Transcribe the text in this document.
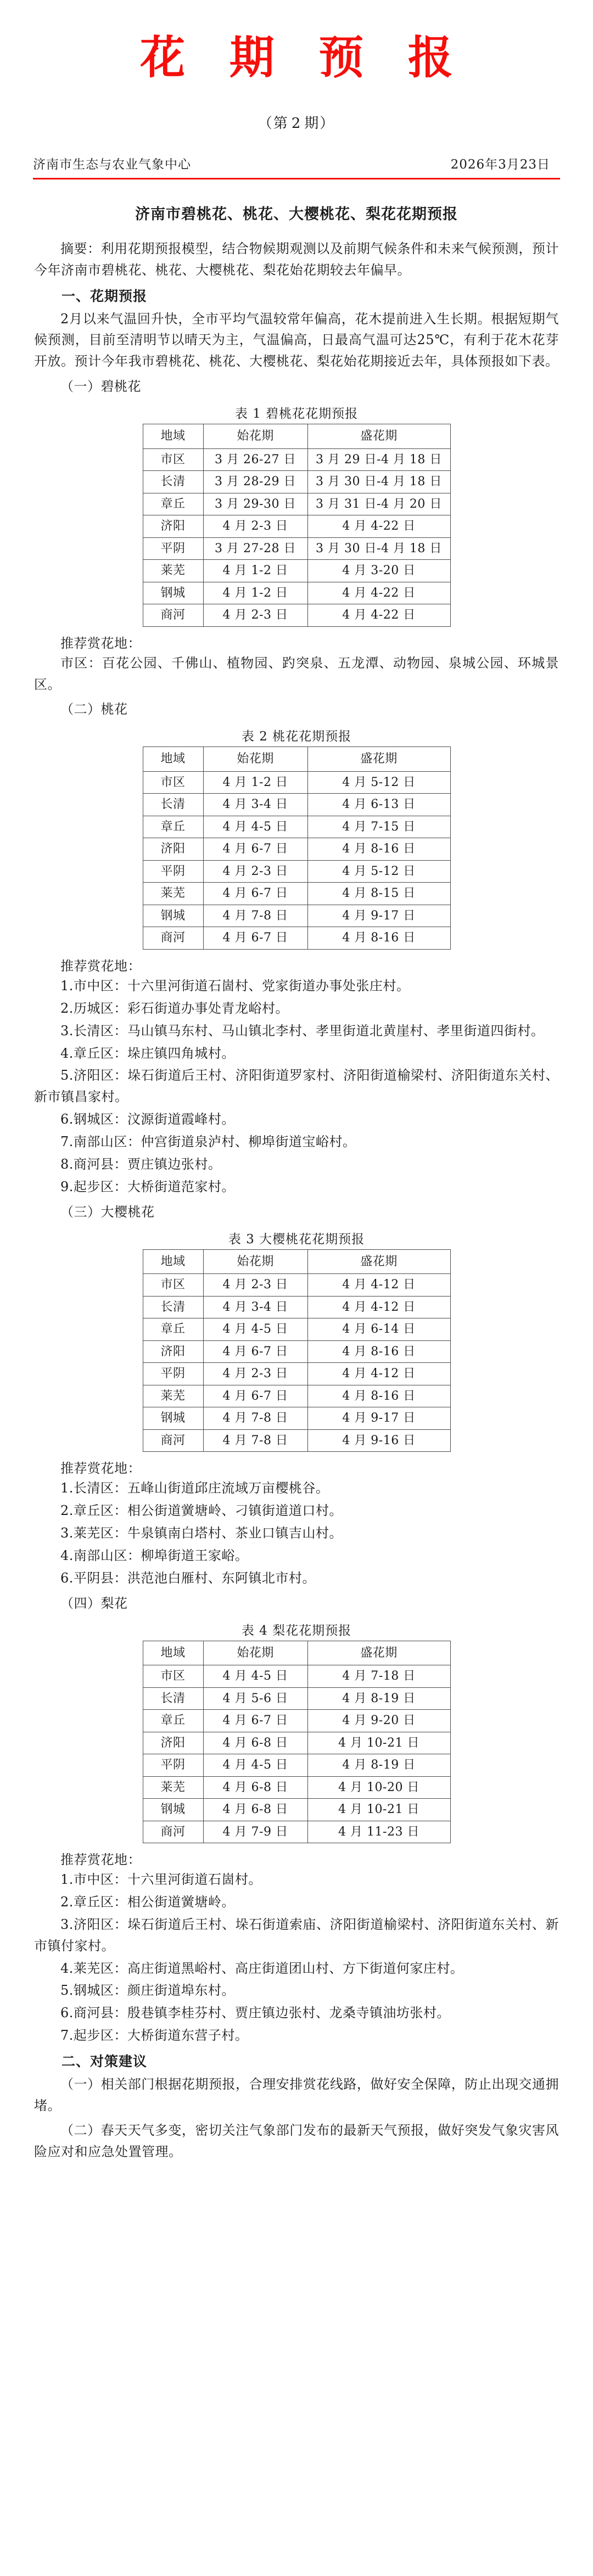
花 期 预 报
（第 2 期）
济南市生态与农业气象中心	2026年3月23日
济南市碧桃花、桃花、大樱桃花、梨花花期预报

摘要：利用花期预报模型，结合物候期观测以及前期气候条件和未来气候预测，预计今年济南市碧桃花、桃花、大樱桃花、梨花始花期较去年偏早。

一、花期预报

2月以来气温回升快，全市平均气温较常年偏高，花木提前进入生长期。根据短期气候预测，目前至清明节以晴天为主，气温偏高，日最高气温可达25℃，有利于花木花芽开放。预计今年我市碧桃花、桃花、大樱桃花、梨花始花期接近去年，具体预报如下表。

（一）碧桃花
表 1 碧桃花花期预报
地域	始花期	盛花期
市区	3 月 26-27 日	3 月 29 日-4 月 18 日
长清	3 月 28-29 日	3 月 30 日-4 月 18 日
章丘	3 月 29-30 日	3 月 31 日-4 月 20 日
济阳	4 月 2-3 日	4 月 4-22 日
平阴	3 月 27-28 日	3 月 30 日-4 月 18 日
莱芜	4 月 1-2 日	4 月 3-20 日
钢城	4 月 1-2 日	4 月 4-22 日
商河	4 月 2-3 日	4 月 4-22 日
推荐赏花地：
市区：百花公园、千佛山、植物园、趵突泉、五龙潭、动物园、泉城公园、环城景区。
（二）桃花
表 2 桃花花期预报
地域	始花期	盛花期
市区	4 月 1-2 日	4 月 5-12 日
长清	4 月 3-4 日	4 月 6-13 日
章丘	4 月 4-5 日	4 月 7-15 日
济阳	4 月 6-7 日	4 月 8-16 日
平阴	4 月 2-3 日	4 月 5-12 日
莱芜	4 月 6-7 日	4 月 8-15 日
钢城	4 月 7-8 日	4 月 9-17 日
商河	4 月 6-7 日	4 月 8-16 日
推荐赏花地：
1.市中区：十六里河街道石崮村、党家街道办事处张庄村。
2.历城区：彩石街道办事处青龙峪村。
3.长清区：马山镇马东村、马山镇北李村、孝里街道北黄崖村、孝里街道四街村。
4.章丘区：垛庄镇四角城村。
5.济阳区：垛石街道后王村、济阳街道罗家村、济阳街道榆梁村、济阳街道东关村、新市镇昌家村。
6.钢城区：汶源街道霞峰村。
7.南部山区：仲宫街道泉泸村、柳埠街道宝峪村。
8.商河县：贾庄镇边张村。
9.起步区：大桥街道范家村。
（三）大樱桃花
表 3 大樱桃花花期预报
地域	始花期	盛花期
市区	4 月 2-3 日	4 月 4-12 日
长清	4 月 3-4 日	4 月 4-12 日
章丘	4 月 4-5 日	4 月 6-14 日
济阳	4 月 6-7 日	4 月 8-16 日
平阴	4 月 2-3 日	4 月 4-12 日
莱芜	4 月 6-7 日	4 月 8-16 日
钢城	4 月 7-8 日	4 月 9-17 日
商河	4 月 7-8 日	4 月 9-16 日
推荐赏花地：
1.长清区：五峰山街道邱庄流域万亩樱桃谷。
2.章丘区：相公街道黉塘岭、刁镇街道道口村。
3.莱芜区：牛泉镇南白塔村、茶业口镇吉山村。
4.南部山区：柳埠街道王家峪。
6.平阴县：洪范池白雁村、东阿镇北市村。
（四）梨花
表 4 梨花花期预报
地域	始花期	盛花期
市区	4 月 4-5 日	4 月 7-18 日
长清	4 月 5-6 日	4 月 8-19 日
章丘	4 月 6-7 日	4 月 9-20 日
济阳	4 月 6-8 日	4 月 10-21 日
平阴	4 月 4-5 日	4 月 8-19 日
莱芜	4 月 6-8 日	4 月 10-20 日
钢城	4 月 6-8 日	4 月 10-21 日
商河	4 月 7-9 日	4 月 11-23 日
推荐赏花地：
1.市中区：十六里河街道石崮村。
2.章丘区：相公街道黉塘岭。
3.济阳区：垛石街道后王村、垛石街道索庙、济阳街道榆梁村、济阳街道东关村、新市镇付家村。
4.莱芜区：高庄街道黑峪村、高庄街道团山村、方下街道何家庄村。
5.钢城区：颜庄街道埠东村。
6.商河县：殷巷镇李桂芬村、贾庄镇边张村、龙桑寺镇油坊张村。
7.起步区：大桥街道东营子村。
二、对策建议

（一）相关部门根据花期预报，合理安排赏花线路，做好安全保障，防止出现交通拥堵。

（二）春天天气多变，密切关注气象部门发布的最新天气预报，做好突发气象灾害风险应对和应急处置管理。
